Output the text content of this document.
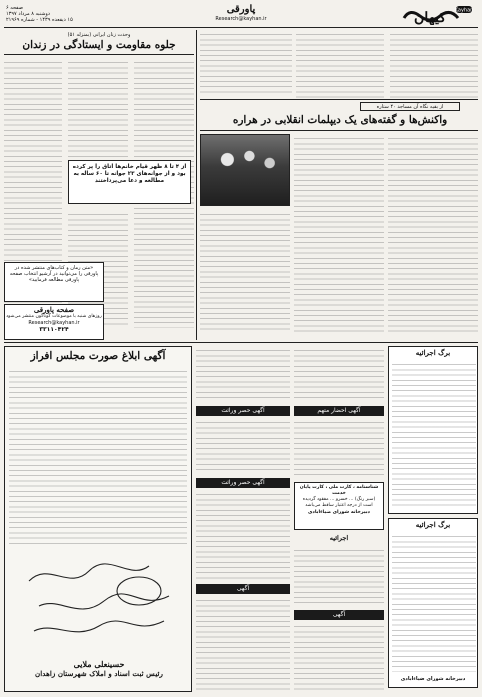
صفحه ۶
دوشنبه ۸ مرداد ۱۳۹۷
۱۵ ذیقعده ۱۴۳۹ - شماره ۲۱۹۶۹
پاورقی
Research@kayhan.ir
Kayhan
کیهان
وحدت زنان ایرانی (بمنزله ۵۱)
جلوه مقاومت و ایستادگی در زندان
از ۴ تا ۸ ظهر قیام خانم‌ها اتاق را پر کرده بود و از جوانه‌های ۲۳ جوانه تا ۶۰ ساله به مطالعه و دعا می‌پرداختند
از بقیه نگاه آن مساجد ۴۰ ستاره
واکنش‌ها و گفته‌های یک دیپلمات انقلابی در هراره
«متن رمان و کتاب‌های منتشر شده در پاورقی را می‌توانید در آرشیو انتخاب صفحه پاورقی مطالعه فرمایید»
صفحه پاورقی
روزهای شنبه با موضوعات گوناگون منتشر می‌شود
Research@kayhan.ir
۳۳۱۱۰۴۲۴
آگهی ابلاغ صورت مجلس افراز
حسینعلی ملایی
رئیس ثبت اسناد و املاک شهرستان زاهدان
آگهی حصر وراثت
آگهی حصر وراثت
آگهی
آگهی احضار متهم
شناسنامه ، کارت ملی ، کارت پایان خدمت
(سبز رنگ) ... خسرو ... مفقود گردیده
است از درجه اعتبار ساقط می‌باشد
دبیرخانه شورای ضیاءابادی
اجرائیه
آگهی
برگ اجرائیه
برگ اجرائیه
دبیرخانه شورای ضیاءابادی
